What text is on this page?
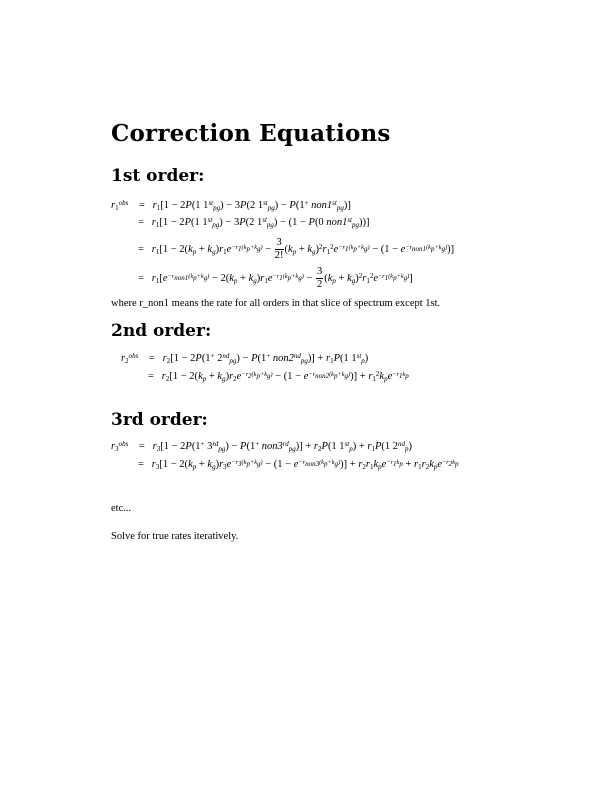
Correction Equations
1st order:
$r_1^{obs} = r_1[1 - 2P(1$ $1st_{pg}) - 3P(2$ $1st_{pg}) - P(1^+$ $non1st_{pg}$)]
=   $r_1[1 - 2P(1$ $1st_{pg}) - 3P(2$ $1st_{pg}) - (1 - P(0$ $non1st_{pg}$))]
=   $r_1[1 - 2(k_p + k_g)r_1e^{-r_1(k_p+k_g)} - \frac{3}{2!} (k_p + k_g)^2r_1^2e^{-r_1(k_p+k_g)} - (1 - e^{-r_{non1}(k_p+k_g)})]$
=   $r_1[e^{-r_{non1}(k_p+k_g)} - 2(k_p + k_g)r_1e^{-r_1(k_p+k_g)} - \frac{3}{2} (k_p + k_g)^2r_1^2e^{-r_1(k_p+k_g)}]$
where r_non1 means the rate for all orders in that slice of spectrum except 1st.
2nd order:
$r_2^{obs} = r_2[1 - 2P(1^+$ $2nd_{pg}) - P(1^+$ $non2nd_{pg})] + r_1P(1$ $1st_p$)
=   $r_2[1 - 2(k_p + k_g)r_2e^{-r_2(k_p+k_g)} - (1 - e^{-r_{non2}(k_p+k_g)})] + r_1^2k_pe^{-r_1k_p}$
3rd order:
$r_3^{obs} = r_3[1 - 2P(1^+$ $3rd_{pg}) - P(1^+$ $non3rd_{pg})] + r_2P(1$ $1st_p) + r_1P(1$ $2nd_p$)
=   $r_3[1 - 2(k_p + k_g)r_3e^{-r_3(k_p+k_g)} - (1 - e^{-r_{non3}(k_p+k_g)})] + r_2r_1k_pe^{-r_1k_p} + r_1r_2k_pe^{-r_2k_p}$
etc...
Solve for true rates iteratively.
